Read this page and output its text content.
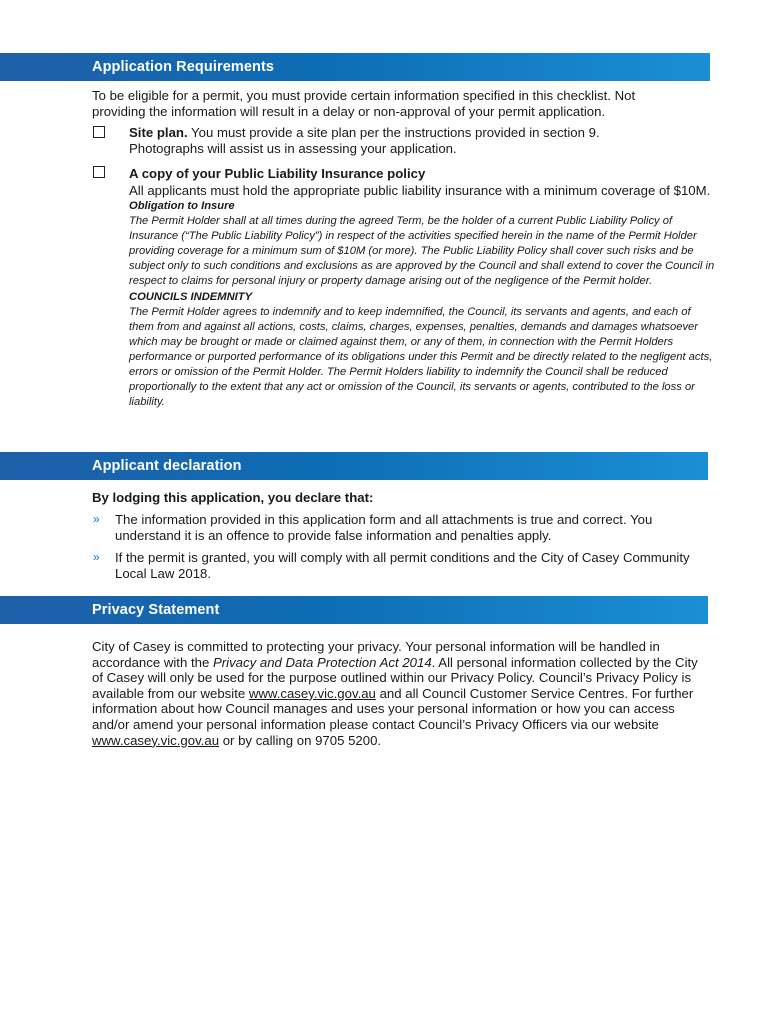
Application Requirements

To be eligible for a permit, you must provide certain information specified in this checklist. Not providing the information will result in a delay or non-approval of your permit application.

Site plan. You must provide a site plan per the instructions provided in section 9. Photographs will assist us in assessing your application.
A copy of your Public Liability Insurance policy
All applicants must hold the appropriate public liability insurance with a minimum coverage of $10M.
Obligation to Insure
The Permit Holder shall at all times during the agreed Term, be the holder of a current Public Liability Policy of Insurance (“The Public Liability Policy”) in respect of the activities specified herein in the name of the Permit Holder providing coverage for a minimum sum of $10M (or more). The Public Liability Policy shall cover such risks and be subject only to such conditions and exclusions as are approved by the Council and shall extend to cover the Council in respect to claims for personal injury or property damage arising out of the negligence of the Permit holder.
COUNCILS INDEMNITY
The Permit Holder agrees to indemnify and to keep indemnified, the Council, its servants and agents, and each of them from and against all actions, costs, claims, charges, expenses, penalties, demands and damages whatsoever which may be brought or made or claimed against them, or any of them, in connection with the Permit Holders performance or purported performance of its obligations under this Permit and be directly related to the negligent acts, errors or omission of the Permit Holder. The Permit Holders liability to indemnify the Council shall be reduced proportionally to the extent that any act or omission of the Council, its servants or agents, contributed to the loss or liability.
Applicant declaration

By lodging this application, you declare that:

»	The information provided in this application form and all attachments is true and correct. You understand it is an offence to provide false information and penalties apply.
»	If the permit is granted, you will comply with all permit conditions and the City of Casey Community Local Law 2018.
Privacy Statement

City of Casey is committed to protecting your privacy. Your personal information will be handled in accordance with the Privacy and Data Protection Act 2014. All personal information collected by the City of Casey will only be used for the purpose outlined within our Privacy Policy. Council’s Privacy Policy is available from our website www.casey.vic.gov.au and all Council Customer Service Centres. For further information about how Council manages and uses your personal information or how you can access and/or amend your personal information please contact Council’s Privacy Officers via our website www.casey.vic.gov.au or by calling on 9705 5200.
